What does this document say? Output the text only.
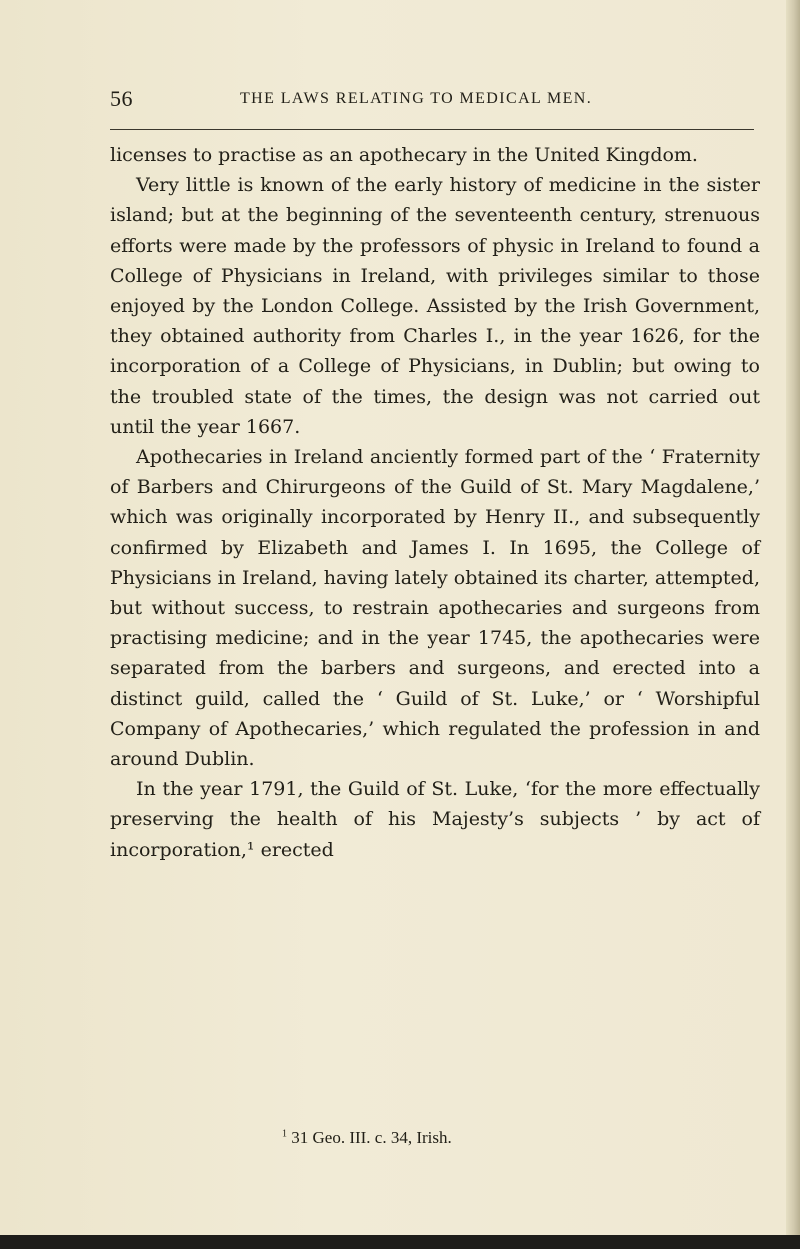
56	THE LAWS RELATING TO MEDICAL MEN.

licenses to practise as an apothecary in the United Kingdom.

Very little is known of the early history of medicine in the sister island; but at the beginning of the seventeenth century, strenuous efforts were made by the professors of physic in Ireland to found a College of Physicians in Ireland, with privileges similar to those enjoyed by the London College. Assisted by the Irish Government, they obtained authority from Charles I., in the year 1626, for the incorporation of a College of Physicians, in Dublin; but owing to the troubled state of the times, the design was not carried out until the year 1667.

Apothecaries in Ireland anciently formed part of the ‘ Fraternity of Barbers and Chirurgeons of the Guild of St. Mary Magdalene,’ which was originally incorporated by Henry II., and subsequently confirmed by Elizabeth and James I. In 1695, the College of Physicians in Ireland, having lately obtained its charter, attempted, but without success, to restrain apothecaries and surgeons from practising medicine; and in the year 1745, the apothecaries were separated from the barbers and surgeons, and erected into a distinct guild, called the ‘ Guild of St. Luke,’ or ‘ Worshipful Company of Apothecaries,’ which regulated the profession in and around Dublin.

In the year 1791, the Guild of St. Luke, ‘for the more effectually preserving the health of his Majesty’s subjects ’ by act of incorporation,¹ erected

$^1$ 31 Geo. III. c. 34, Irish.
